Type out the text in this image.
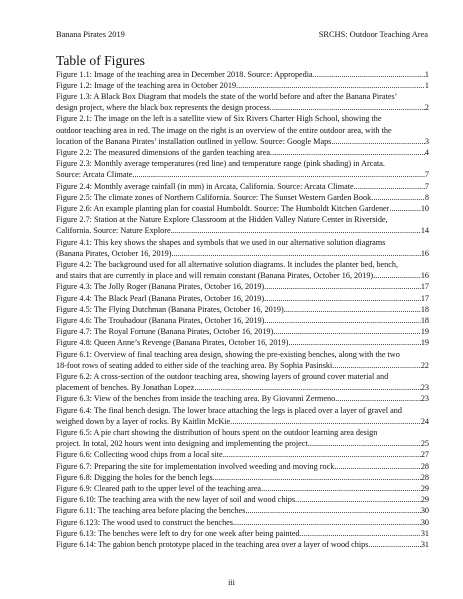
Banana Pirates 2019	SRCHS: Outdoor Teaching Area
Table of Figures
Figure 1.1: Image of the teaching area in December 2018. Source: Appropedia .....	1
Figure 1.2: Image of the teaching area in October 2019 .....	1
Figure 1.3: A Black Box Diagram that models the state of the world before and after the Banana Pirates’
design project, where the black box represents the design process. .....	2
Figure 2.1: The image on the left is a satellite view of Six Rivers Charter High School, showing the
outdoor teaching area in red. The image on the right is an overview of the entire outdoor area, with the
location of the Banana Pirates’ installation outlined in yellow. Source: Google Maps .....	3
Figure 2.2: The measured dimensions of the garden teaching area .....	4
Figure 2.3: Monthly average temperatures (red line) and temperature range (pink shading) in Arcata.
Source: Arcata Climate .....	7
Figure 2.4: Monthly average rainfall (in mm) in Arcata, California. Source: Arcata Climate .....	7
Figure 2.5: The climate zones of Northern California. Source: The Sunset Western Garden Book .....	8
Figure 2.6: An example planting plan for coastal Humboldt. Source: The Humboldt Kitchen Gardener .....	10
Figure 2.7: Station at the Nature Explore Classroom at the Hidden Valley Nature Center in Riverside,
California. Source: Nature Explore .....	14
Figure 4.1: This key shows the shapes and symbols that we used in our alternative solution diagrams
(Banana Pirates, October 16, 2019) .....	16
Figure 4.2: The background used for all alternative solution diagrams. It includes the planter bed, bench,
and stairs that are currently in place and will remain constant (Banana Pirates, October 16, 2019). .....	16
Figure 4.3: The Jolly Roger (Banana Pirates, October 16, 2019) .....	17
Figure 4.4: The Black Pearl (Banana Pirates, October 16, 2019) .....	17
Figure 4.5: The Flying Dutchman (Banana Pirates, October 16, 2019) .....	18
Figure 4.6: The Troubadour (Banana Pirates, October 16, 2019) .....	18
Figure 4.7: The Royal Fortune (Banana Pirates, October 16, 2019) .....	19
Figure 4.8: Queen Anne’s Revenge (Banana Pirates, October 16, 2019) .....	19
Figure 6.1: Overview of final teaching area design, showing the pre-existing benches, along with the two
18-foot rows of seating added to either side of the teaching area. By Sophia Pasinski .....	22
Figure 6.2: A cross-section of the outdoor teaching area, showing layers of ground cover material and
placement of benches. By Jonathan Lopez .....	23
Figure 6.3: View of the benches from inside the teaching area. By Giovanni Zermeno .....	23
Figure 6.4: The final bench design. The lower brace attaching the legs is placed over a layer of gravel and
weighed down by a layer of rocks. By Kaitlin McKie .....	24
Figure 6.5: A pie chart showing the distribution of hours spent on the outdoor learning area design
project. In total, 202 hours went into designing and implementing the project. .....	25
Figure 6.6: Collecting wood chips from a local site .....	27
Figure 6.7: Preparing the site for implementation involved weeding and moving rock. .....	28
Figure 6.8: Digging the holes for the bench legs. .....	28
Figure 6.9: Cleared path to the upper level of the teaching area .....	29
Figure 6.10: The teaching area with the new layer of soil and wood chips. .....	29
Figure 6.11: The teaching area before placing the benches .....	30
Figure 6.123: The wood used to construct the benches .....	30
Figure 6.13: The benches were left to dry for one week after being painted. .....	31
Figure 6.14: The gabion bench prototype placed in the teaching area over a layer of wood chips. .....	31
iii
